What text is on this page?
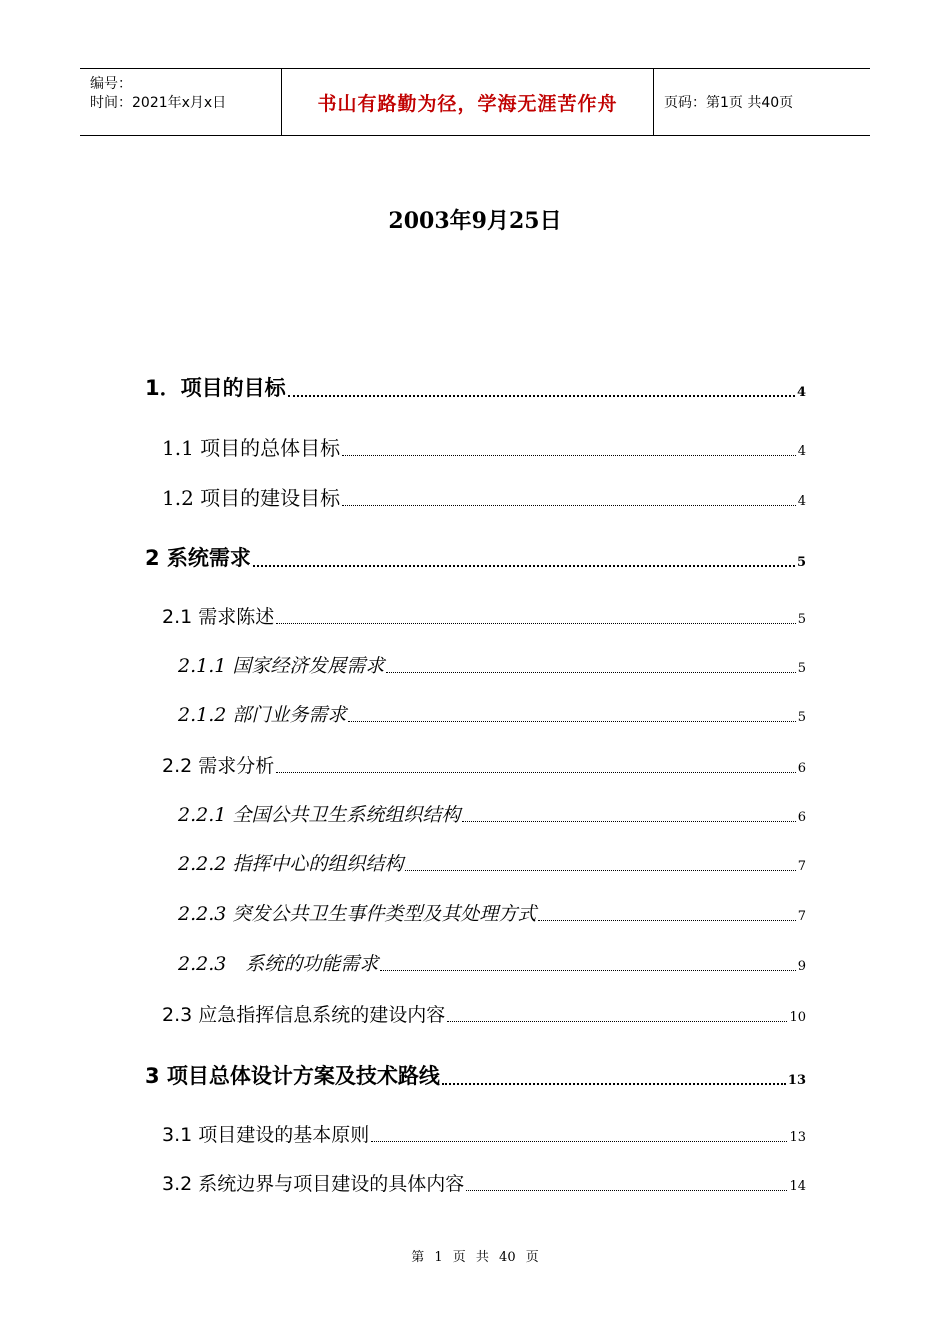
编号：
时间：2021年x月x日	书山有路勤为径，学海无涯苦作舟	页码：第1页 共40页
2003年9月25日
1．项目的目标	4
1.1 项目的总体目标	4
1.2 项目的建设目标	4
2 系统需求	5
2.1 需求陈述	5
2.1.1 国家经济发展需求	5
2.1.2 部门业务需求	5
2.2 需求分析	6
2.2.1 全国公共卫生系统组织结构	6
2.2.2 指挥中心的组织结构	7
2.2.3 突发公共卫生事件类型及其处理方式	7
2.2.3　系统的功能需求	9
2.3 应急指挥信息系统的建设内容	10
3 项目总体设计方案及技术路线	13
3.1 项目建设的基本原则	13
3.2 系统边界与项目建设的具体内容	14
第 1 页 共 40 页
